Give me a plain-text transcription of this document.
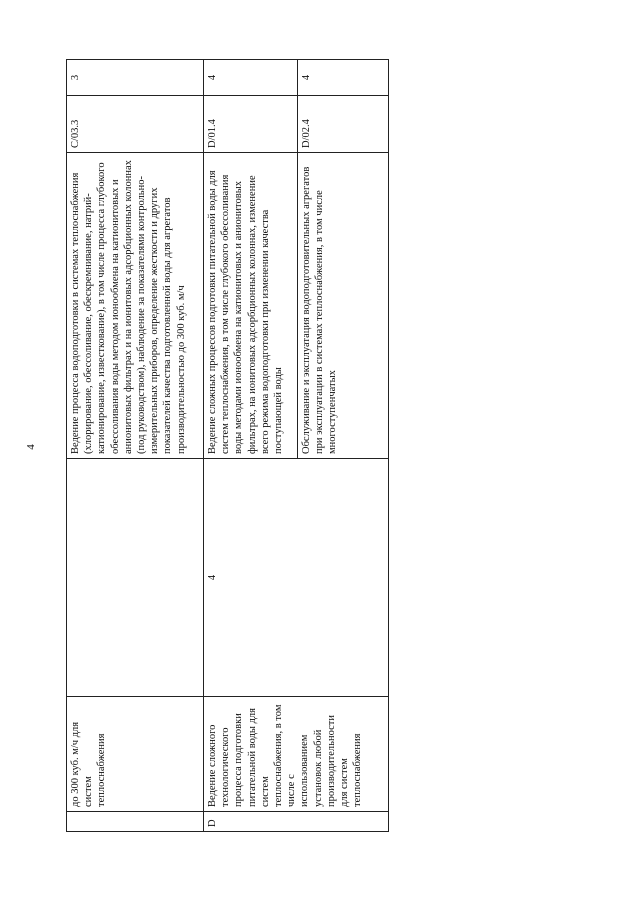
4
	до 300 куб. м/ч для систем теплоснабжения		Ведение процесса водоподготовки в системах теплоснабжения (хлорирование, обессоливание, обескремнивание, натрий-катионирование, известкование), в том числе процесса глубокого обессоливания воды методом ионообмена на катионитовых и анионитовых фильтрах и на ионитовых адсорбционных колоннах (под руководством), наблюдение за показателями контрольно-измерительных приборов, определение жесткости и других показателей качества подготовленной воды для агрегатов производительностью до 300 куб. м/ч	C/03.3	3
D	Ведение сложного технологического процесса подготовки питательной воды для систем теплоснабжения, в том числе с использованием установок любой производительности для систем теплоснабжения	4	Ведение сложных процессов подготовки питательной воды для систем теплоснабжения, в том числе глубокого обессоливания воды методами ионообмена на катионитовых и анионитовых фильтрах, на ионитовых адсорбционных колоннах, изменение всего режима водоподготовки при изменении качества поступающей воды	D/01.4	4
			Обслуживание и эксплуатация водоподготовительных агрегатов при эксплуатации в системах теплоснабжения, в том числе многоступенчатых	D/02.4	4
